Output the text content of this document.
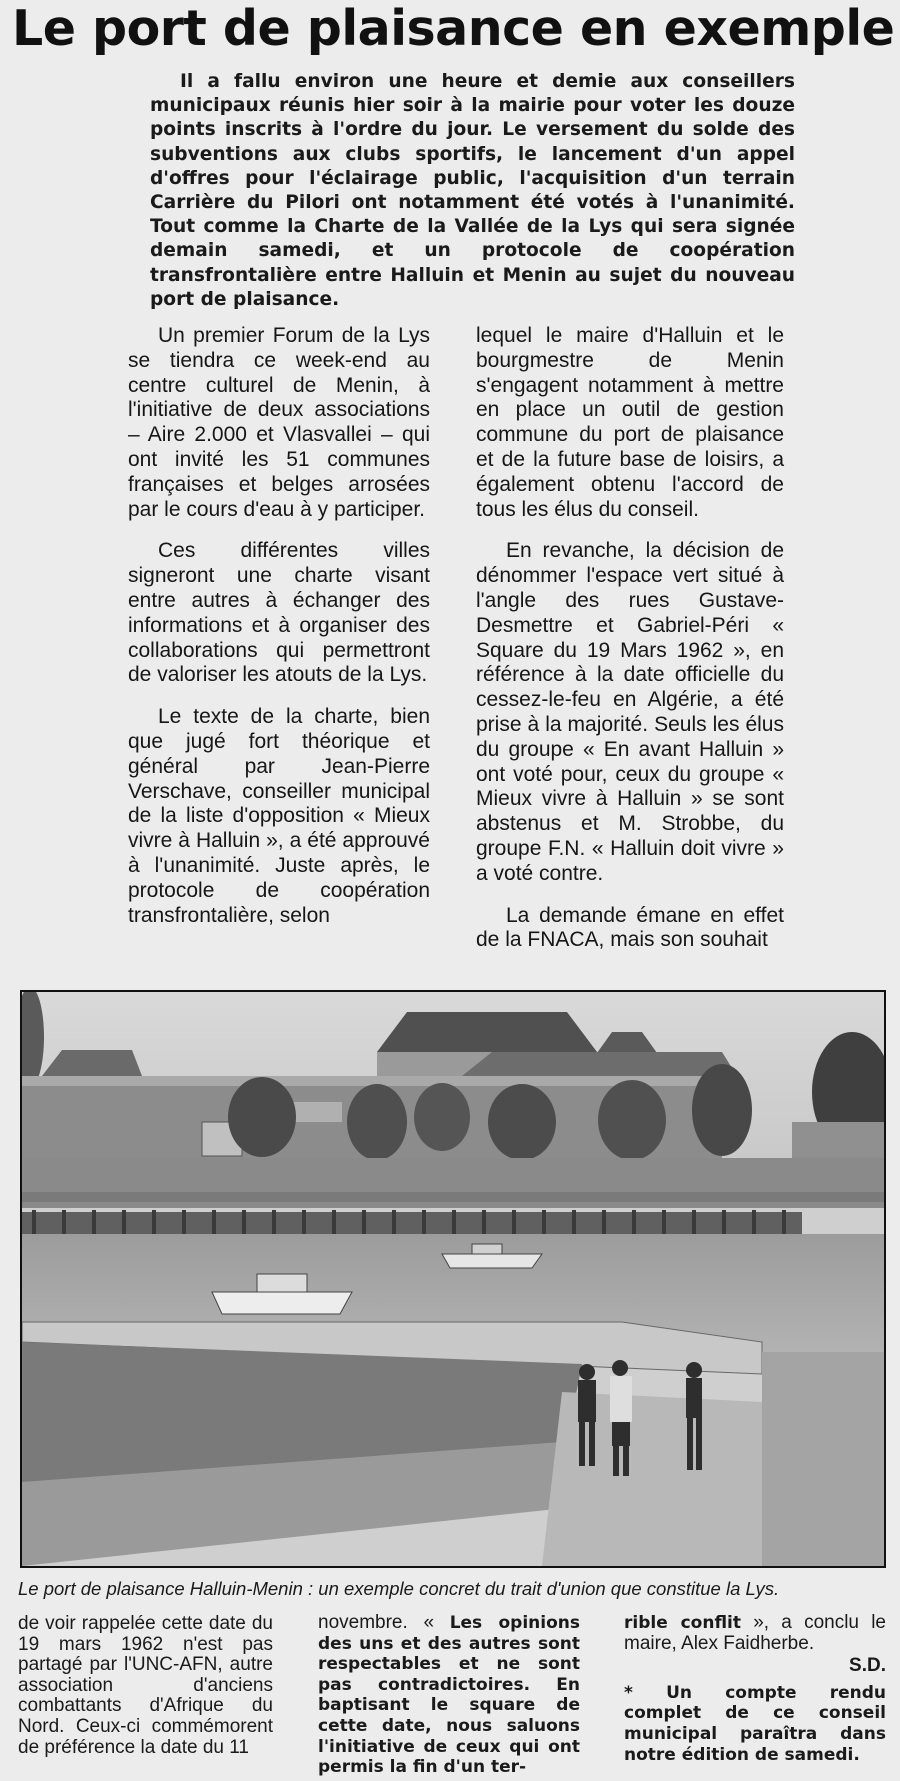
Le port de plaisance en exemple
Il a fallu environ une heure et demie aux conseillers municipaux réunis hier soir à la mairie pour voter les douze points inscrits à l'ordre du jour. Le versement du solde des subventions aux clubs sportifs, le lancement d'un appel d'offres pour l'éclairage public, l'acquisition d'un terrain Carrière du Pilori ont notamment été votés à l'unanimité. Tout comme la Charte de la Vallée de la Lys qui sera signée demain samedi, et un protocole de coopération transfrontalière entre Halluin et Menin au sujet du nouveau port de plaisance.

Un premier Forum de la Lys se tiendra ce week-end au centre culturel de Menin, à l'initiative de deux associations – Aire 2.000 et Vlasvallei – qui ont invité les 51 communes françaises et belges arrosées par le cours d'eau à y participer.

Ces différentes villes signeront une charte visant entre autres à échanger des informations et à organiser des collaborations qui permettront de valoriser les atouts de la Lys.

Le texte de la charte, bien que jugé fort théorique et général par Jean-Pierre Verschave, conseiller municipal de la liste d'opposition « Mieux vivre à Halluin », a été approuvé à l'unanimité. Juste après, le protocole de coopération transfrontalière, selon

lequel le maire d'Halluin et le bourgmestre de Menin s'engagent notamment à mettre en place un outil de gestion commune du port de plaisance et de la future base de loisirs, a également obtenu l'accord de tous les élus du conseil.

En revanche, la décision de dénommer l'espace vert situé à l'angle des rues Gustave-Desmettre et Gabriel-Péri « Square du 19 Mars 1962 », en référence à la date officielle du cessez-le-feu en Algérie, a été prise à la majorité. Seuls les élus du groupe « En avant Halluin » ont voté pour, ceux du groupe « Mieux vivre à Halluin » se sont abstenus et M. Strobbe, du groupe F.N. « Halluin doit vivre » a voté contre.

La demande émane en effet de la FNACA, mais son souhait

Le port de plaisance Halluin-Menin : un exemple concret du trait d'union que constitue la Lys.

de voir rappelée cette date du 19 mars 1962 n'est pas partagé par l'UNC-AFN, autre association d'anciens combattants d'Afrique du Nord. Ceux-ci commémorent de préférence la date du 11

novembre. « Les opinions des uns et des autres sont respectables et ne sont pas contradictoires. En baptisant le square de cette date, nous saluons l'initiative de ceux qui ont permis la fin d'un ter-

rible conflit », a conclu le maire, Alex Faidherbe.

S.D.

* Un compte rendu complet de ce conseil municipal paraîtra dans notre édition de samedi.
